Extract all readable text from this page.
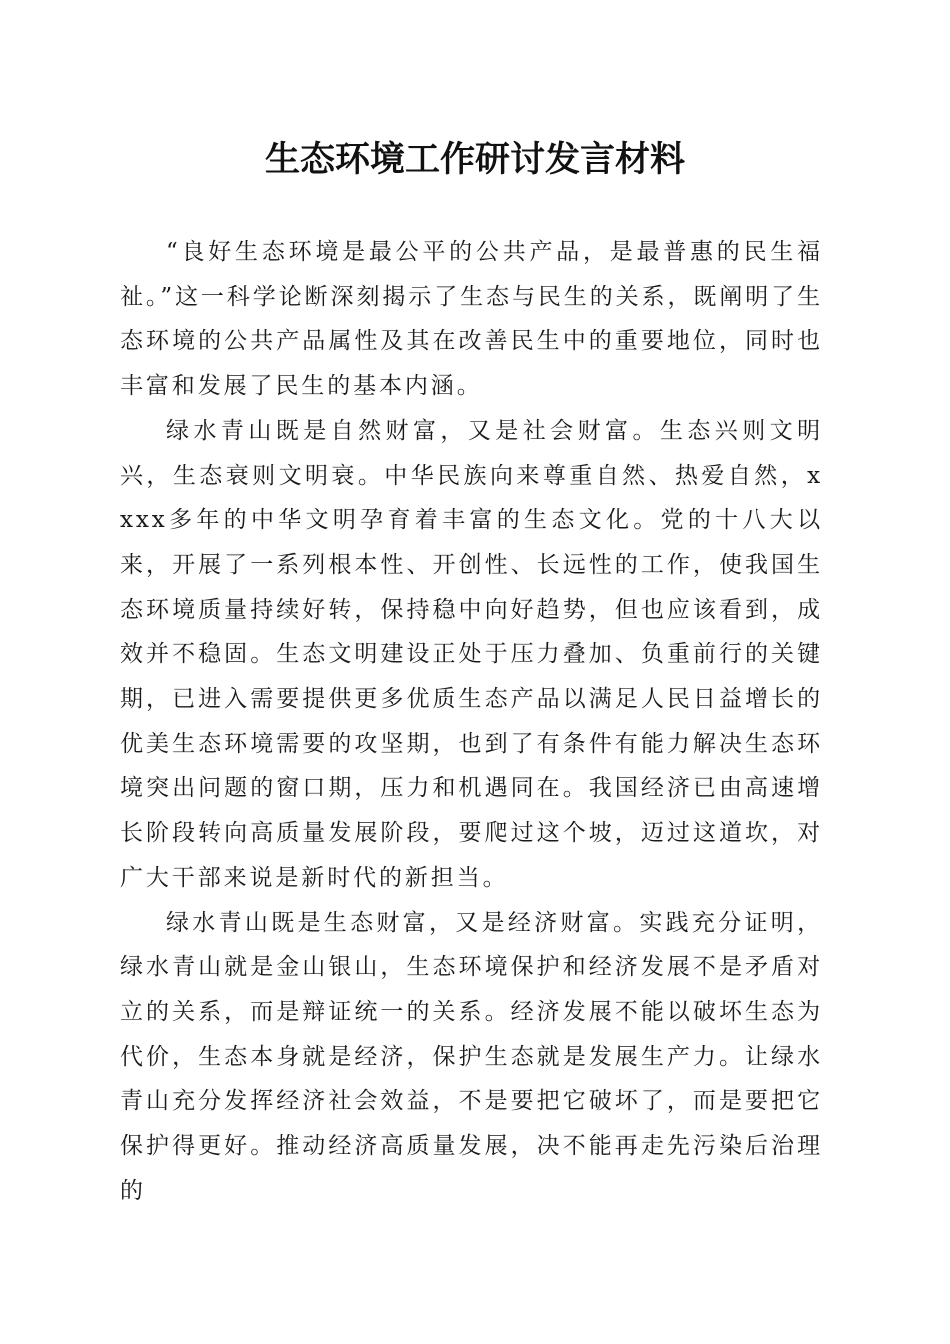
生态环境工作研讨发言材料

“良好生态环境是最公平的公共产品，是最普惠的民生福祉。”这一科学论断深刻揭示了生态与民生的关系，既阐明了生态环境的公共产品属性及其在改善民生中的重要地位，同时也丰富和发展了民生的基本内涵。

绿水青山既是自然财富，又是社会财富。生态兴则文明兴，生态衰则文明衰。中华民族向来尊重自然、热爱自然，xxxx多年的中华文明孕育着丰富的生态文化。党的十八大以来，开展了一系列根本性、开创性、长远性的工作，使我国生态环境质量持续好转，保持稳中向好趋势，但也应该看到，成效并不稳固。生态文明建设正处于压力叠加、负重前行的关键期，已进入需要提供更多优质生态产品以满足人民日益增长的优美生态环境需要的攻坚期，也到了有条件有能力解决生态环境突出问题的窗口期，压力和机遇同在。我国经济已由高速增长阶段转向高质量发展阶段，要爬过这个坡，迈过这道坎，对广大干部来说是新时代的新担当。

绿水青山既是生态财富，又是经济财富。实践充分证明，绿水青山就是金山银山，生态环境保护和经济发展不是矛盾对立的关系，而是辩证统一的关系。经济发展不能以破坏生态为代价，生态本身就是经济，保护生态就是发展生产力。让绿水青山充分发挥经济社会效益，不是要把它破坏了，而是要把它保护得更好。推动经济高质量发展，决不能再走先污染后治理的
